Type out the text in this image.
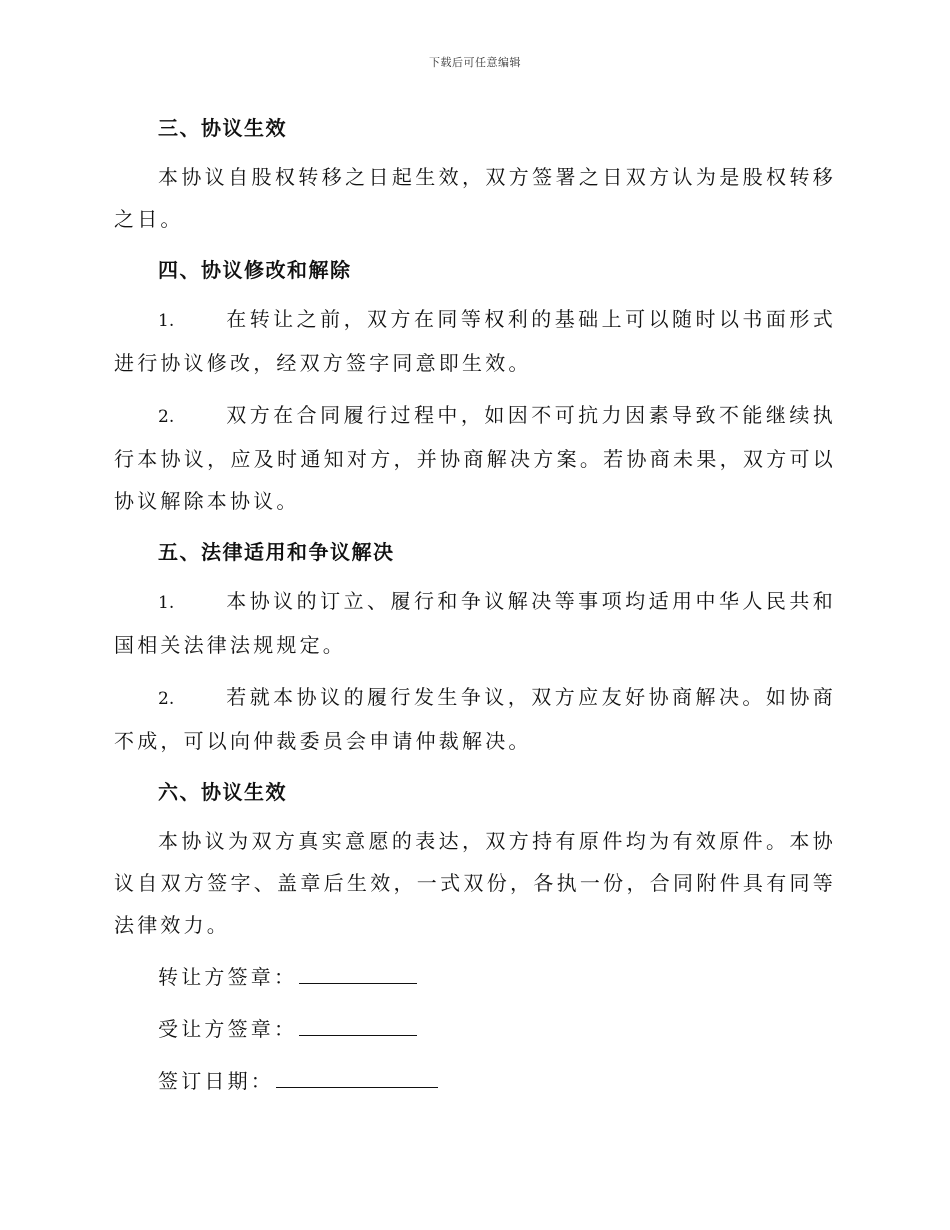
下载后可任意编辑
三、协议生效

本协议自股权转移之日起生效，双方签署之日双方认为是股权转移之日。

四、协议修改和解除

1.	在转让之前，双方在同等权利的基础上可以随时以书面形式进行协议修改，经双方签字同意即生效。

2.	双方在合同履行过程中，如因不可抗力因素导致不能继续执行本协议，应及时通知对方，并协商解决方案。若协商未果，双方可以协议解除本协议。

五、法律适用和争议解决

1.	本协议的订立、履行和争议解决等事项均适用中华人民共和国相关法律法规规定。

2.	若就本协议的履行发生争议，双方应友好协商解决。如协商不成，可以向仲裁委员会申请仲裁解决。

六、协议生效

本协议为双方真实意愿的表达，双方持有原件均为有效原件。本协议自双方签字、盖章后生效，一式双份，各执一份，合同附件具有同等法律效力。

转让方签章：

受让方签章：

签订日期：
